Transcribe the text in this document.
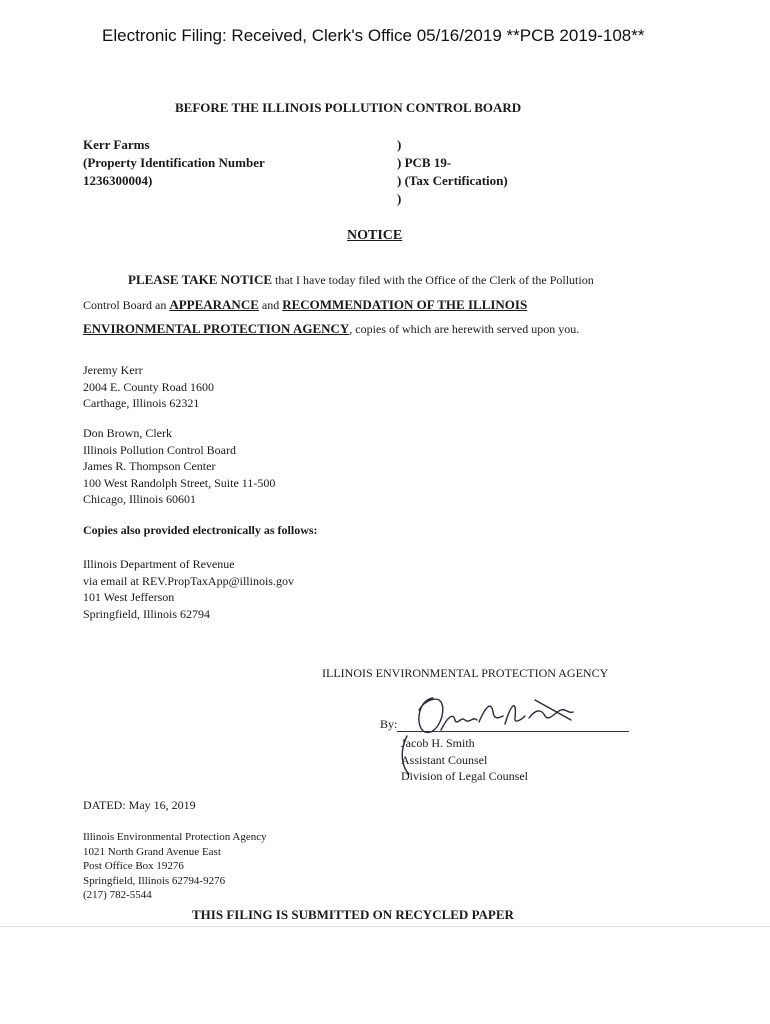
Electronic Filing: Received, Clerk's Office 05/16/2019 **PCB 2019-108**
BEFORE THE ILLINOIS POLLUTION CONTROL BOARD
Kerr Farms
(Property Identification Number
1236300004)
)
) PCB 19-
) (Tax Certification)
)
NOTICE
PLEASE TAKE NOTICE that I have today filed with the Office of the Clerk of the Pollution
Control Board an APPEARANCE and RECOMMENDATION OF THE ILLINOIS
ENVIRONMENTAL PROTECTION AGENCY, copies of which are herewith served upon you.
Jeremy Kerr
2004 E. County Road 1600
Carthage, Illinois 62321
Don Brown, Clerk
Illinois Pollution Control Board
James R. Thompson Center
100 West Randolph Street, Suite 11-500
Chicago, Illinois 60601
Copies also provided electronically as follows:
Illinois Department of Revenue
via email at REV.PropTaxApp@illinois.gov
101 West Jefferson
Springfield, Illinois 62794
ILLINOIS ENVIRONMENTAL PROTECTION AGENCY
By:
Jacob H. Smith
Assistant Counsel
Division of Legal Counsel
DATED: May 16, 2019
Illinois Environmental Protection Agency
1021 North Grand Avenue East
Post Office Box 19276
Springfield, Illinois 62794-9276
(217) 782-5544
THIS FILING IS SUBMITTED ON RECYCLED PAPER
